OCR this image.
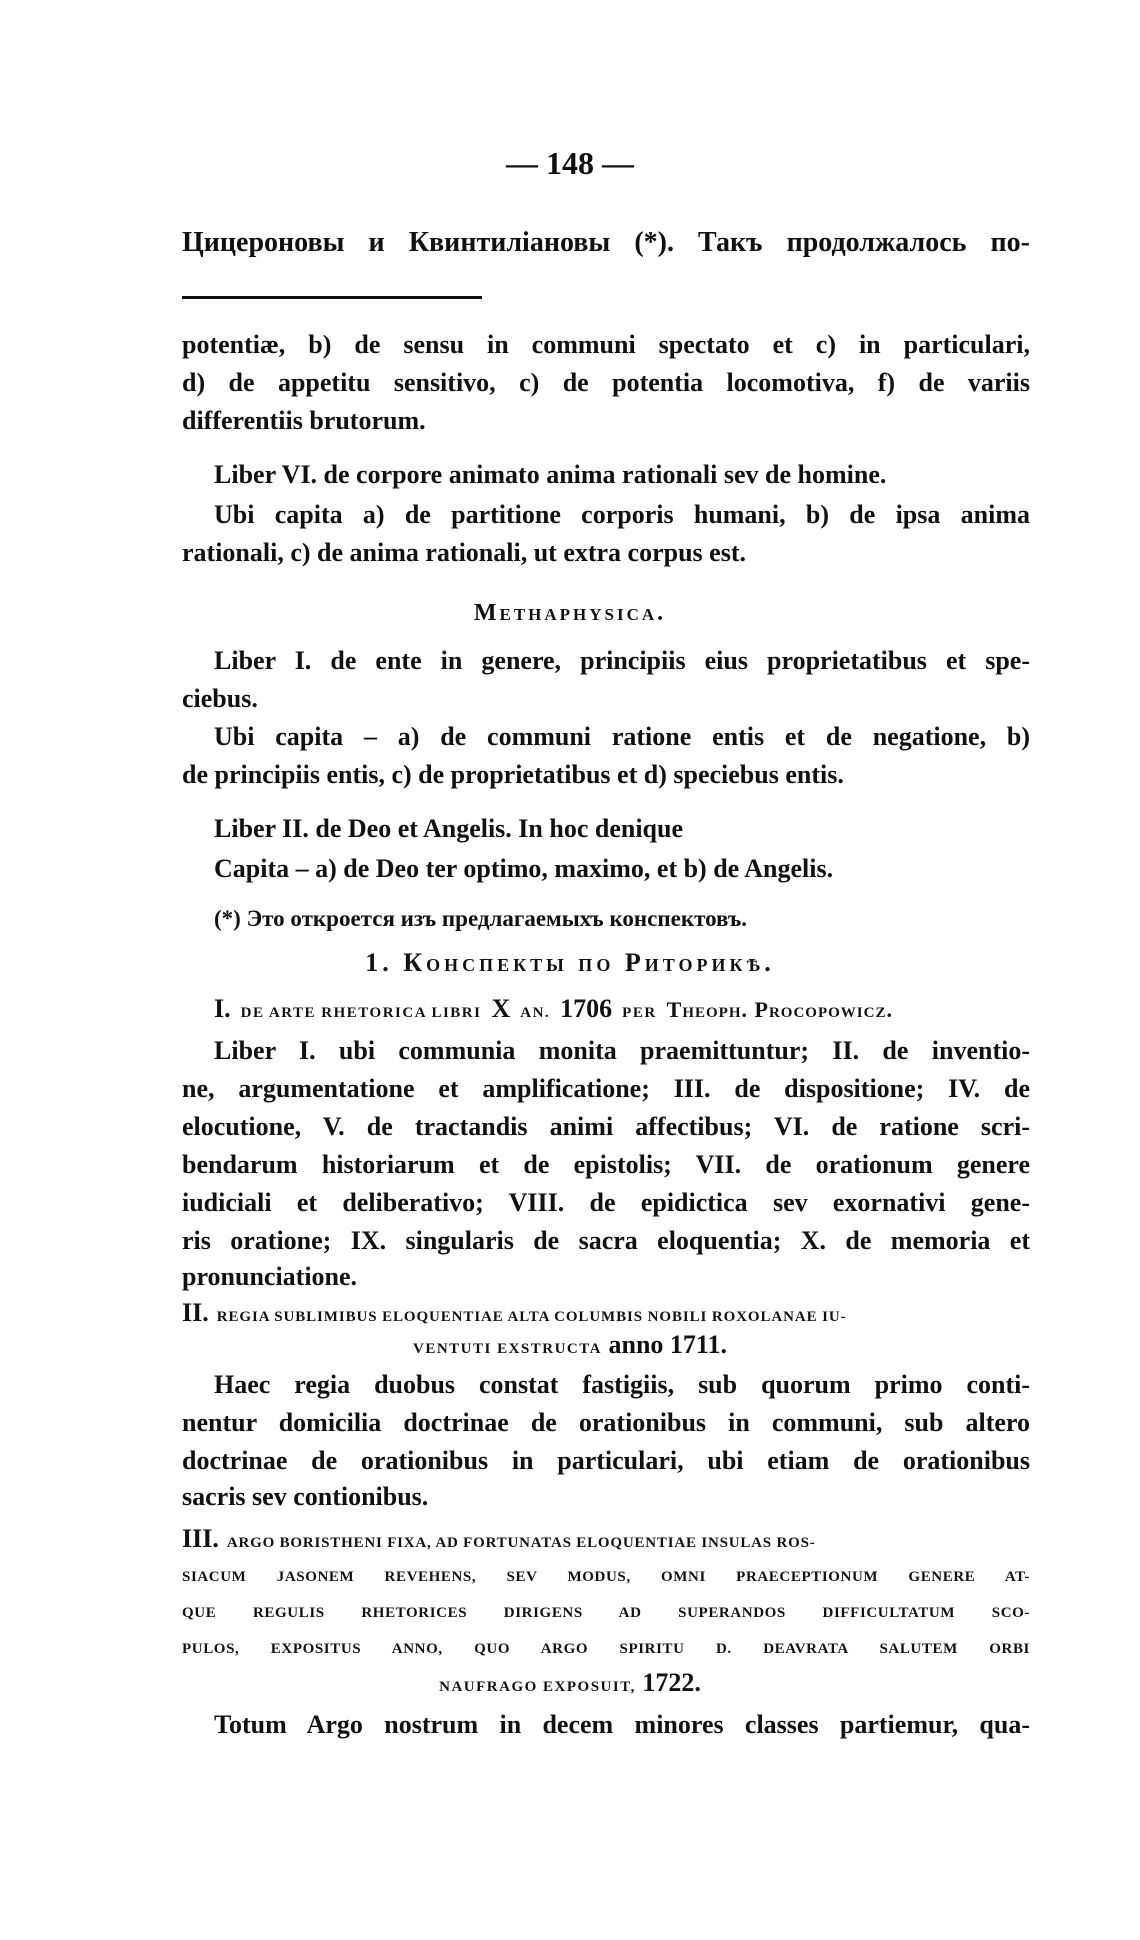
— 148 —
Цицероновы и Квинтиліановы (*). Такъ продолжалось по-
potentiæ, b) de sensu in communi spectato et c) in particulari,
d) de appetitu sensitivo, c) de potentia locomotiva, f) de variis
differentiis brutorum.
Liber VI. de corpore animato anima rationali sev de homine.
Ubi capita a) de partitione corporis humani, b) de ipsa anima
rationali, c) de anima rationali, ut extra corpus est.
Methaphysica.
Liber I. de ente in genere, principiis eius proprietatibus et spe-
ciebus.
Ubi capita – a) de communi ratione entis et de negatione, b)
de principiis entis, c) de proprietatibus et d) speciebus entis.
Liber II. de Deo et Angelis. In hoc denique
Capita – a) de Deo ter optimo, maximo, et b) de Angelis.
(*) Это откроется изъ предлагаемыхъ конспектовъ.
1. Конспекты по Риторикѣ.
I. DE ARTE RHETORICA LIBRI X AN. 1706 PER Theoph. Procopowicz.
Liber I. ubi communia monita praemittuntur; II. de inventio-
ne, argumentatione et amplificatione; III. de dispositione; IV. de
elocutione, V. de tractandis animi affectibus; VI. de ratione scri-
bendarum historiarum et de epistolis; VII. de orationum genere
iudiciali et deliberativo; VIII. de epidictica sev exornativi gene-
ris oratione; IX. singularis de sacra eloquentia; X. de memoria et
pronunciatione.
II. REGIA SUBLIMIBUS ELOQUENTIAE ALTA COLUMBIS NOBILI ROXOLANAE IU-
VENTUTI EXSTRUCTA anno 1711.
Haec regia duobus constat fastigiis, sub quorum primo conti-
nentur domicilia doctrinae de orationibus in communi, sub altero
doctrinae de orationibus in particulari, ubi etiam de orationibus
sacris sev contionibus.
III. ARGO BORISTHENI FIXA, AD FORTUNATAS ELOQUENTIAE INSULAS ROS-
SIACUM JASONEM REVEHENS, SEV MODUS, OMNI PRAECEPTIONUM GENERE AT-
QUE REGULIS RHETORICES DIRIGENS AD SUPERANDOS DIFFICULTATUM SCO-
PULOS, EXPOSITUS ANNO, QUO ARGO SPIRITU D. DEAVRATA SALUTEM ORBI
NAUFRAGO EXPOSUIT, 1722.
Totum Argo nostrum in decem minores classes partiemur, qua-
